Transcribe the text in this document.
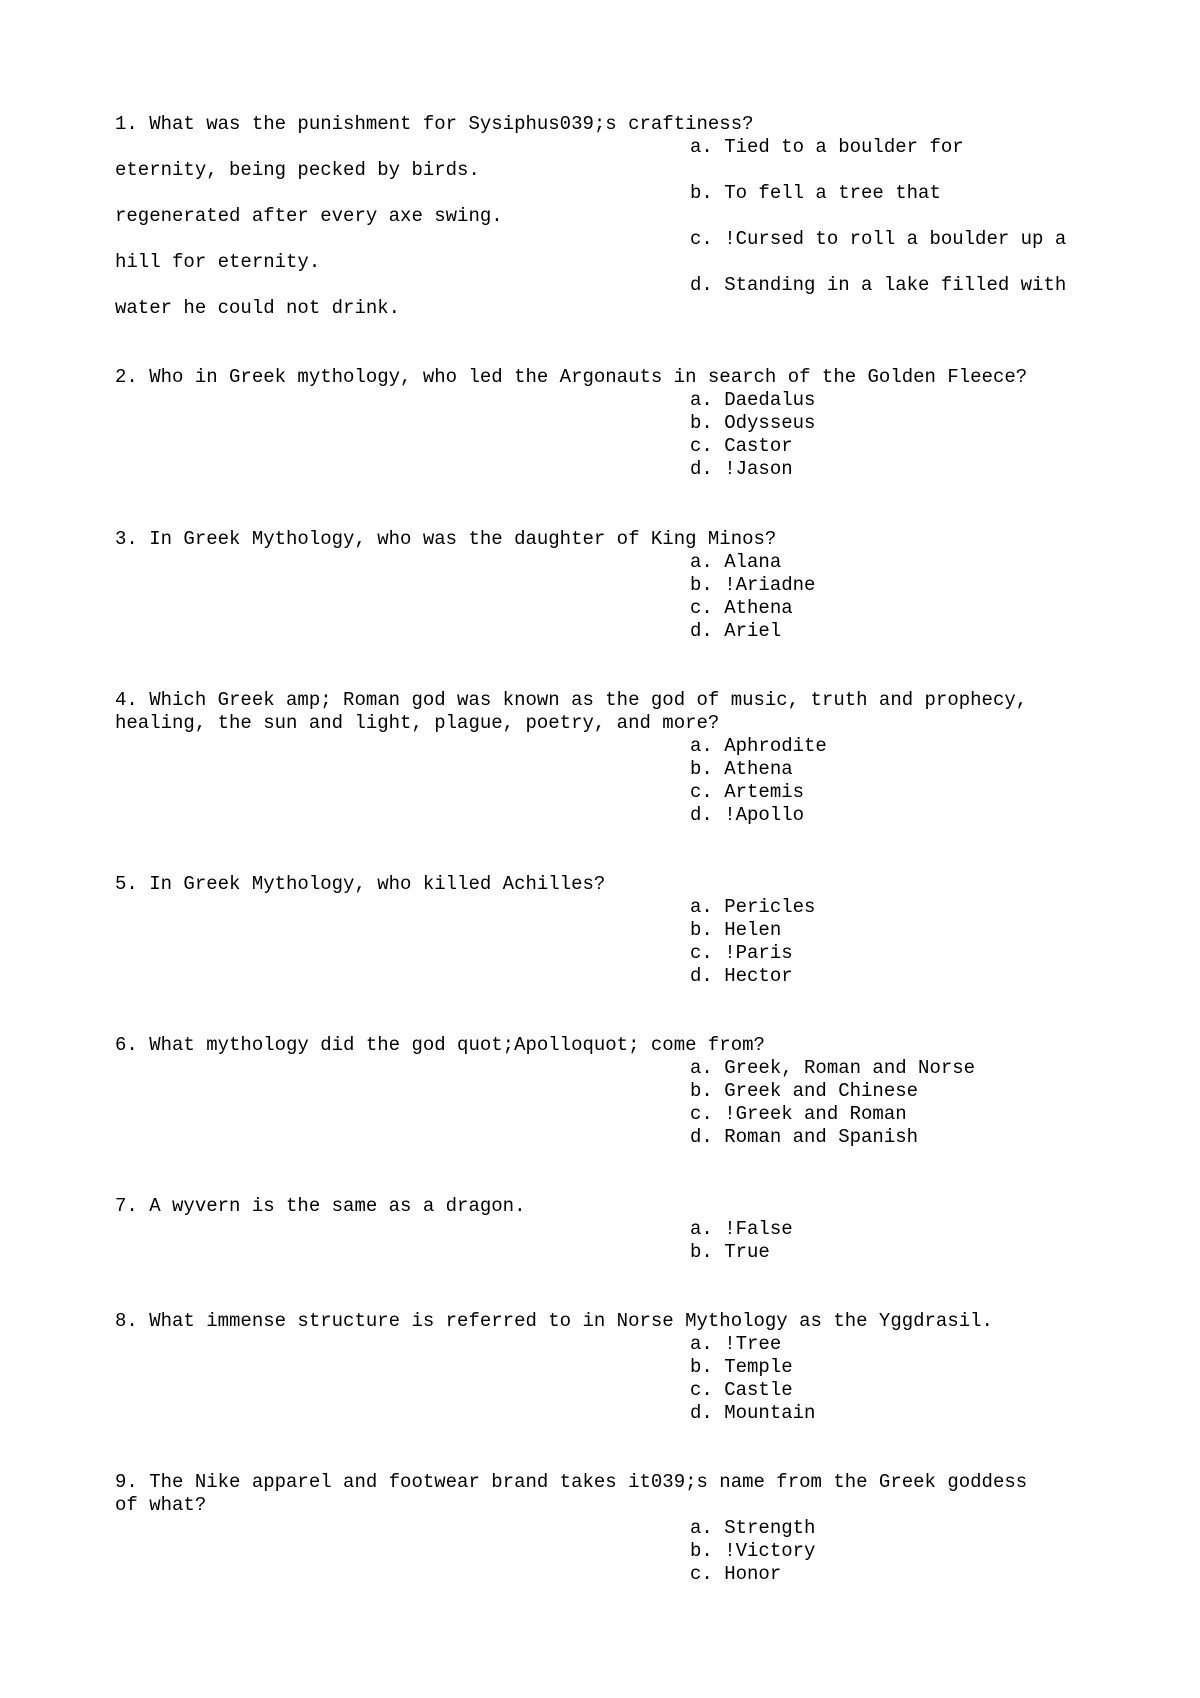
1. What was the punishment for Sysiphus039;s craftiness?
a. Tied to a boulder for
eternity, being pecked by birds.
b. To fell a tree that
regenerated after every axe swing.
c. !Cursed to roll a boulder up a
hill for eternity.
d. Standing in a lake filled with
water he could not drink.
2. Who in Greek mythology, who led the Argonauts in search of the Golden Fleece?
a. Daedalus
b. Odysseus
c. Castor
d. !Jason
3. In Greek Mythology, who was the daughter of King Minos?
a. Alana
b. !Ariadne
c. Athena
d. Ariel
4. Which Greek amp; Roman god was known as the god of music, truth and prophecy,
healing, the sun and light, plague, poetry, and more?
a. Aphrodite
b. Athena
c. Artemis
d. !Apollo
5. In Greek Mythology, who killed Achilles?
a. Pericles
b. Helen
c. !Paris
d. Hector
6. What mythology did the god quot;Apolloquot; come from?
a. Greek, Roman and Norse
b. Greek and Chinese
c. !Greek and Roman
d. Roman and Spanish
7. A wyvern is the same as a dragon.
a. !False
b. True
8. What immense structure is referred to in Norse Mythology as the Yggdrasil.
a. !Tree
b. Temple
c. Castle
d. Mountain
9. The Nike apparel and footwear brand takes it039;s name from the Greek goddess
of what?
a. Strength
b. !Victory
c. Honor
